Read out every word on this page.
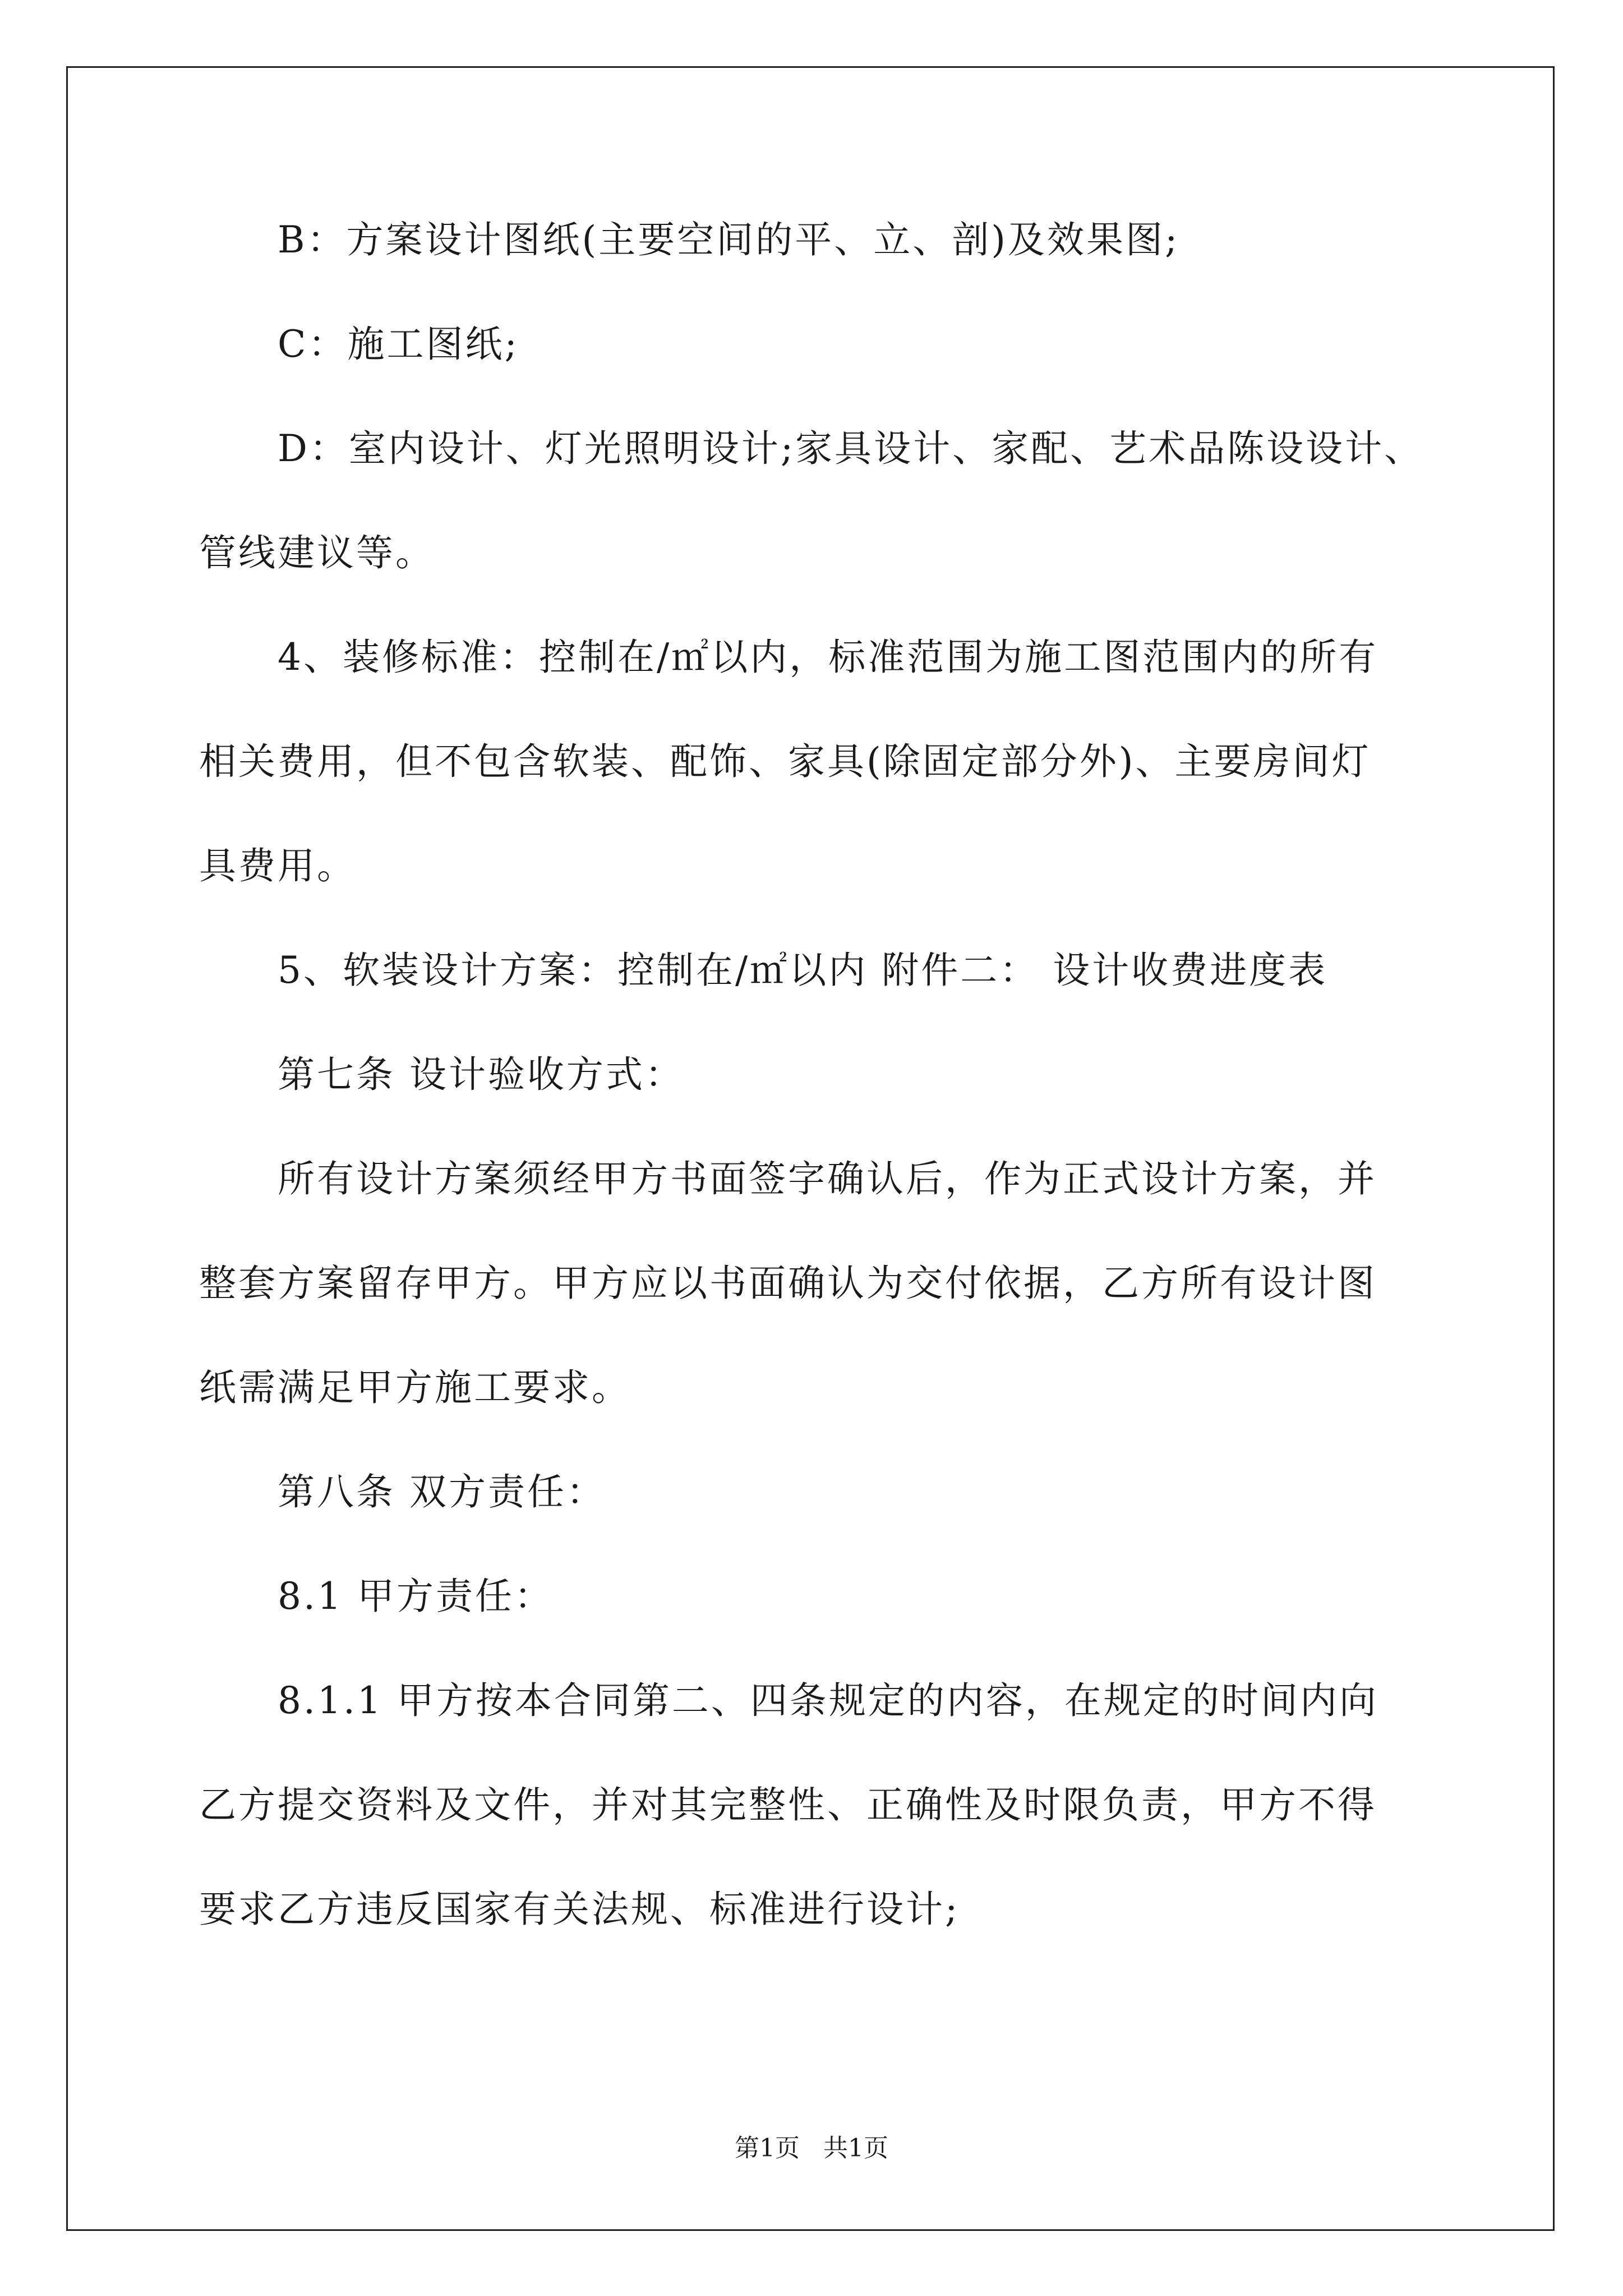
　　B：方案设计图纸(主要空间的平、立、剖)及效果图;
　　C：施工图纸;
　　D：室内设计、灯光照明设计;家具设计、家配、艺术品陈设设计、
管线建议等。
　　4、装修标准：控制在/㎡以内，标准范围为施工图范围内的所有
相关费用，但不包含软装、配饰、家具(除固定部分外)、主要房间灯
具费用。
　　5、软装设计方案：控制在/㎡以内 附件二： 设计收费进度表
　　第七条 设计验收方式：
　　所有设计方案须经甲方书面签字确认后，作为正式设计方案，并
整套方案留存甲方。甲方应以书面确认为交付依据，乙方所有设计图
纸需满足甲方施工要求。
　　第八条 双方责任：
　　8.1 甲方责任：
　　8.1.1 甲方按本合同第二、四条规定的内容，在规定的时间内向
乙方提交资料及文件，并对其完整性、正确性及时限负责，甲方不得
要求乙方违反国家有关法规、标准进行设计;
第1页   共1页
